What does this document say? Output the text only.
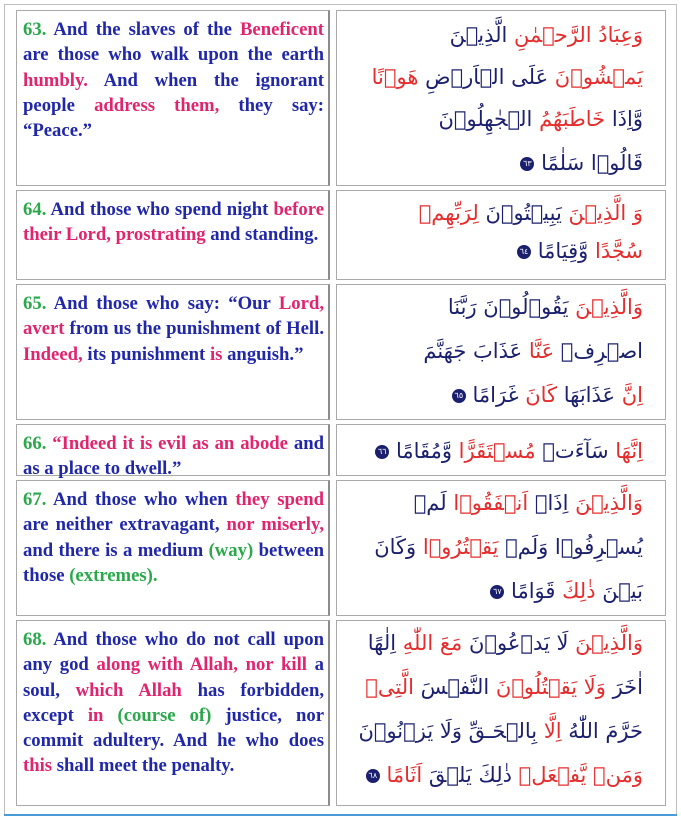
63. And the slaves of the Beneficent are those who walk upon the earth humbly. And when the ignorant people address them, they say: “Peace.”

وَعِبَادُ الرَّحۡمٰنِ الَّذِيۡنَ
يَمۡشُوۡنَ عَلَى الۡاَرۡضِ هَوۡنًا
وَّاِذَا خَاطَبَهُمُ الۡجٰهِلُوۡنَ
قَالُوۡا سَلٰمًا
٦٣

64. And those who spend night before their Lord, prostrating and standing.

وَ الَّذِيۡنَ يَبِيۡتُوۡنَ لِرَبِّهِمۡ
سُجَّدًا وَّقِيَامًا
٦٤

65. And those who say: “Our Lord, avert from us the punishment of Hell. Indeed, its punishment is anguish.”

وَالَّذِيۡنَ يَقُوۡلُوۡنَ رَبَّنَا
اصۡرِفۡ عَنَّا عَذَابَ جَهَنَّمَ
اِنَّ عَذَابَهَا كَانَ غَرَامًا
٦٥

66. “Indeed it is evil as an abode and as a place to dwell.”

اِنَّهَا سَآءَتۡ مُسۡتَقَرًّا وَّمُقَامًا
٦٦

67. And those who when they spend are neither extravagant, nor miserly, and there is a medium (way) between those (extremes).

وَالَّذِيۡنَ اِذَاۤ اَنۡفَقُوۡا لَمۡ
يُسۡرِفُوۡا وَلَمۡ يَقۡتُرُوۡا وَكَانَ
بَيۡنَ ذٰلِكَ قَوَامًا
٦٧

68. And those who do not call upon any god along with Allah, nor kill a soul, which Allah has forbidden, except in (course of) justice, nor commit adultery. And he who does this shall meet the penalty.

وَالَّذِيۡنَ لَا يَدۡعُوۡنَ مَعَ اللّٰهِ اِلٰهًا
اٰخَرَ وَلَا يَقۡتُلُوۡنَ النَّفۡسَ الَّتِىۡ
حَرَّمَ اللّٰهُ اِلَّا بِالۡحَـقِّ وَلَا يَزۡنُوۡنَ
وَمَنۡ يَّفۡعَلۡ ذٰلِكَ يَلۡقَ اَثَامًا
٦٨
